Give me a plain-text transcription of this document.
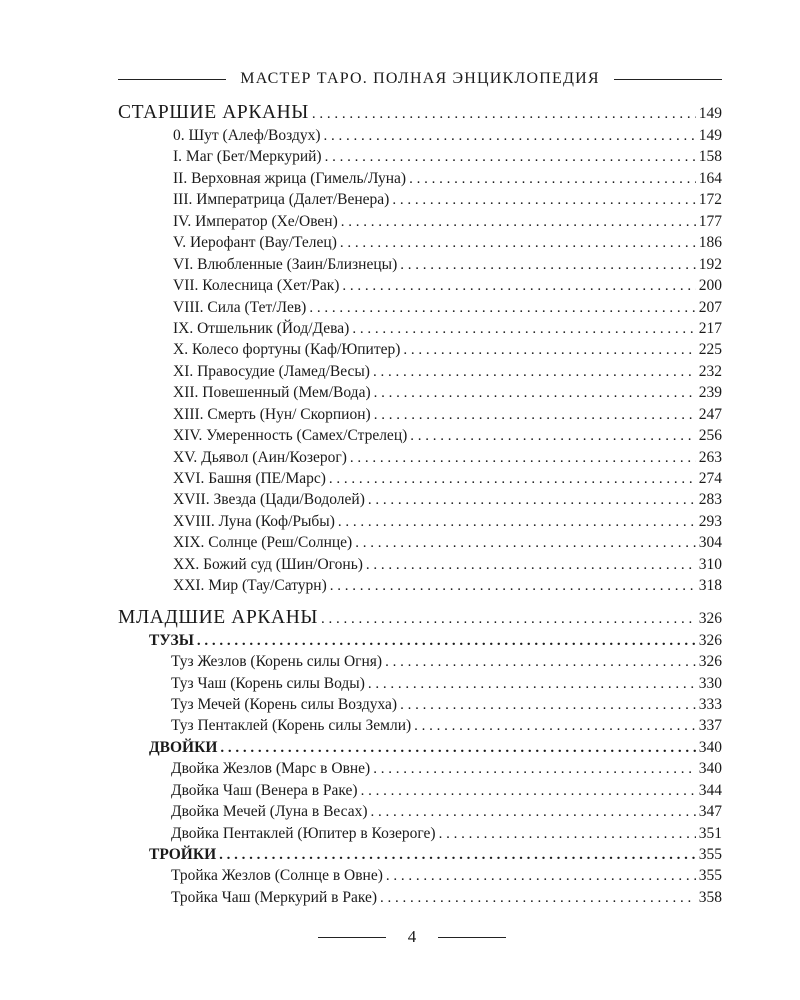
МАСТЕР ТАРО. ПОЛНАЯ ЭНЦИКЛОПЕДИЯ
СТАРШИЕ АРКАНЫ . . .	149
0. Шут (Алеф/Воздух) . . .	149
I. Маг (Бет/Меркурий) . . .	158
II. Верховная жрица (Гимель/Луна) . . .	164
III. Императрица (Далет/Венера) . . .	172
IV. Император (Хе/Овен) . . .	177
V. Иерофант (Вау/Телец) . . .	186
VI. Влюбленные (Заин/Близнецы) . . .	192
VII. Колесница (Хет/Рак) . . .	200
VIII. Сила (Тет/Лев) . . .	207
IX. Отшельник (Йод/Дева) . . .	217
X. Колесо фортуны (Каф/Юпитер) . . .	225
XI. Правосудие (Ламед/Весы) . . .	232
XII. Повешенный (Мем/Вода) . . .	239
XIII. Смерть (Нун/ Скорпион) . . .	247
XIV. Умеренность (Самех/Стрелец) . . .	256
XV. Дьявол (Аин/Козерог) . . .	263
XVI. Башня (ПЕ/Марс) . . .	274
XVII. Звезда (Цади/Водолей) . . .	283
XVIII. Луна (Коф/Рыбы) . . .	293
XIX. Солнце (Реш/Солнце) . . .	304
XX. Божий суд (Шин/Огонь) . . .	310
XXI. Мир (Тау/Сатурн) . . .	318
МЛАДШИЕ АРКАНЫ . . .	326
ТУЗЫ . . .	326
Туз Жезлов (Корень силы Огня) . . .	326
Туз Чаш (Корень силы Воды) . . .	330
Туз Мечей (Корень силы Воздуха) . . .	333
Туз Пентаклей (Корень силы Земли) . . .	337
ДВОЙКИ . . .	340
Двойка Жезлов (Марс в Овне) . . .	340
Двойка Чаш (Венера в Раке) . . .	344
Двойка Мечей (Луна в Весах) . . .	347
Двойка Пентаклей (Юпитер в Козероге) . . .	351
ТРОЙКИ . . .	355
Тройка Жезлов (Солнце в Овне) . . .	355
Тройка Чаш (Меркурий в Раке) . . .	358
4
